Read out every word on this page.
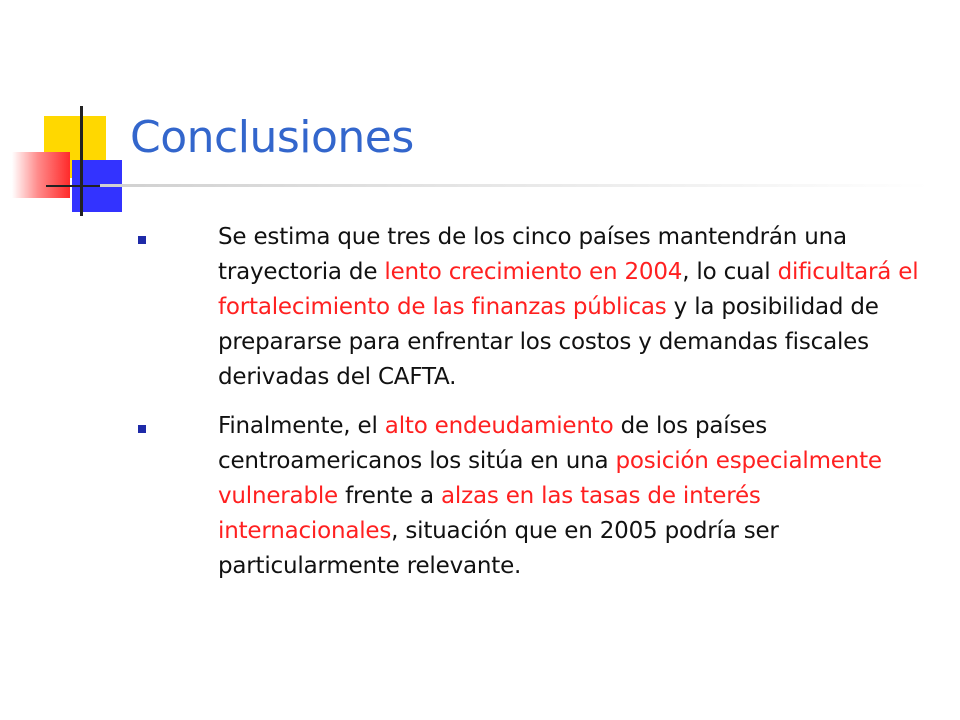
Conclusiones
Se estima que tres de los cinco países mantendrán una trayectoria de lento crecimiento en 2004, lo cual dificultará el fortalecimiento de las finanzas públicas y la posibilidad de prepararse para enfrentar los costos y demandas fiscales derivadas del CAFTA.
Finalmente, el alto endeudamiento de los países centroamericanos los sitúa en una posición especialmente vulnerable frente a alzas en las tasas de interés internacionales, situación que en 2005 podría ser particularmente relevante.
